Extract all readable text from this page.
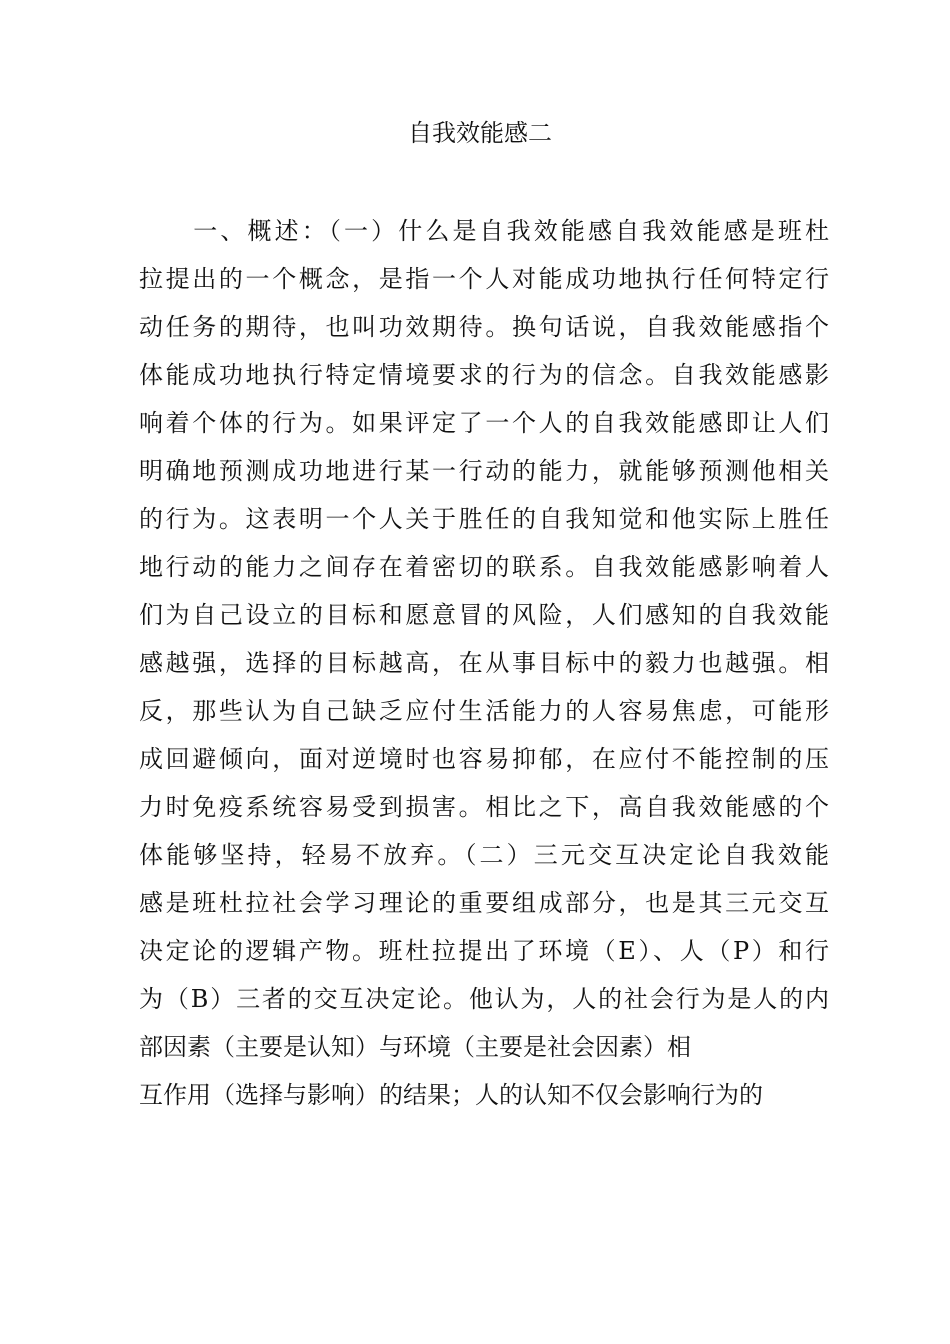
自我效能感二
　　一、概述：（一）什么是自我效能感自我效能感是班杜
拉提出的一个概念，是指一个人对能成功地执行任何特定行
动任务的期待，也叫功效期待。换句话说，自我效能感指个
体能成功地执行特定情境要求的行为的信念。自我效能感影
响着个体的行为。如果评定了一个人的自我效能感即让人们
明确地预测成功地进行某一行动的能力，就能够预测他相关
的行为。这表明一个人关于胜任的自我知觉和他实际上胜任
地行动的能力之间存在着密切的联系。自我效能感影响着人
们为自己设立的目标和愿意冒的风险，人们感知的自我效能
感越强，选择的目标越高，在从事目标中的毅力也越强。相
反，那些认为自己缺乏应付生活能力的人容易焦虑，可能形
成回避倾向，面对逆境时也容易抑郁，在应付不能控制的压
力时免疫系统容易受到损害。相比之下，高自我效能感的个
体能够坚持，轻易不放弃。（二）三元交互决定论自我效能
感是班杜拉社会学习理论的重要组成部分，也是其三元交互
决定论的逻辑产物。班杜拉提出了环境（E）、人（P）和行
为（B）三者的交互决定论。他认为，人的社会行为是人的内
部因素（主要是认知）与环境（主要是社会因素）相
互作用（选择与影响）的结果；人的认知不仅会影响行为的
